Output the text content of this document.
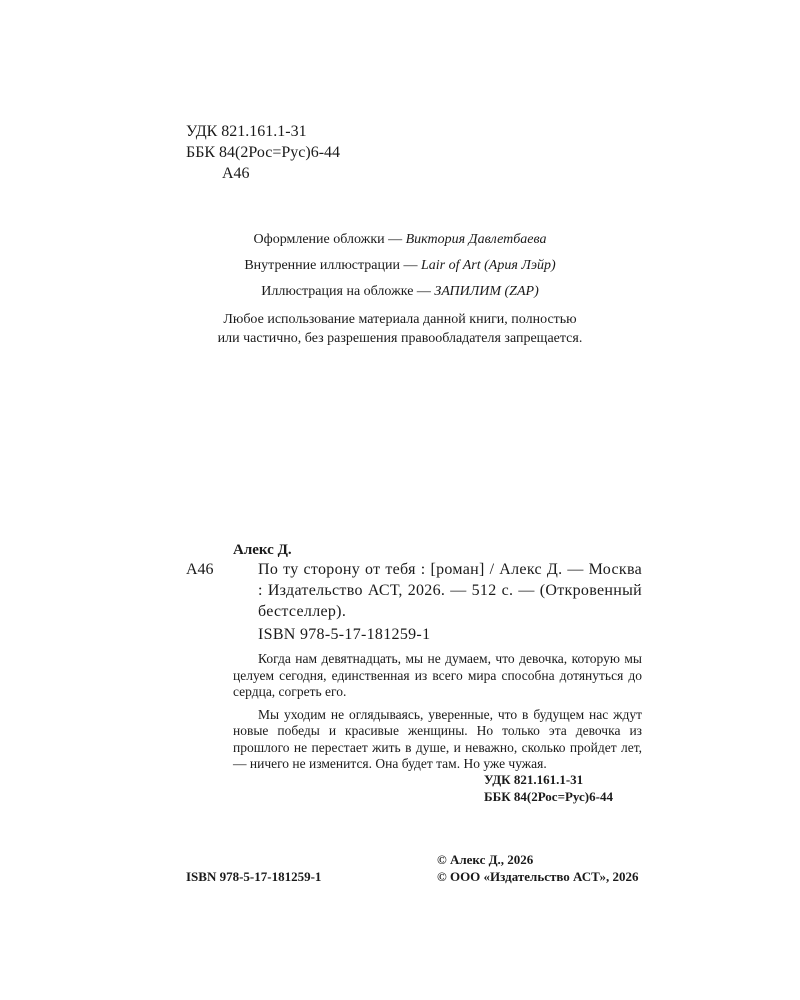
УДК 821.161.1-31
ББК 84(2Рос=Рус)6-44
А46

Оформление обложки — Виктория Давлетбаева

Внутренние иллюстрации — Lair of Art (Ария Лэйр)

Иллюстрация на обложке — ЗАПИЛИМ (ZAP)

Любое использование материала данной книги, полностью
или частично, без разрешения правообладателя запрещается.
Алекс Д.
А46	По ту сторону от тебя : [роман] / Алекс Д. — Москва : Издательство АСТ, 2026. — 512 с. — (Откровенный бестселлер).
ISBN 978-5-17-181259-1

Когда нам девятнадцать, мы не думаем, что девочка, которую мы целуем сегодня, единственная из всего мира способна дотянуться до сердца, согреть его.

Мы уходим не оглядываясь, уверенные, что в будущем нас ждут новые победы и красивые женщины. Но только эта девочка из прошлого не перестает жить в душе, и неважно, сколько пройдет лет, — ничего не изменится. Она будет там. Но уже чужая.

УДК 821.161.1-31
ББК 84(2Рос=Рус)6-44
ISBN 978-5-17-181259-1
© Алекс Д., 2026
© ООО «Издательство АСТ», 2026
